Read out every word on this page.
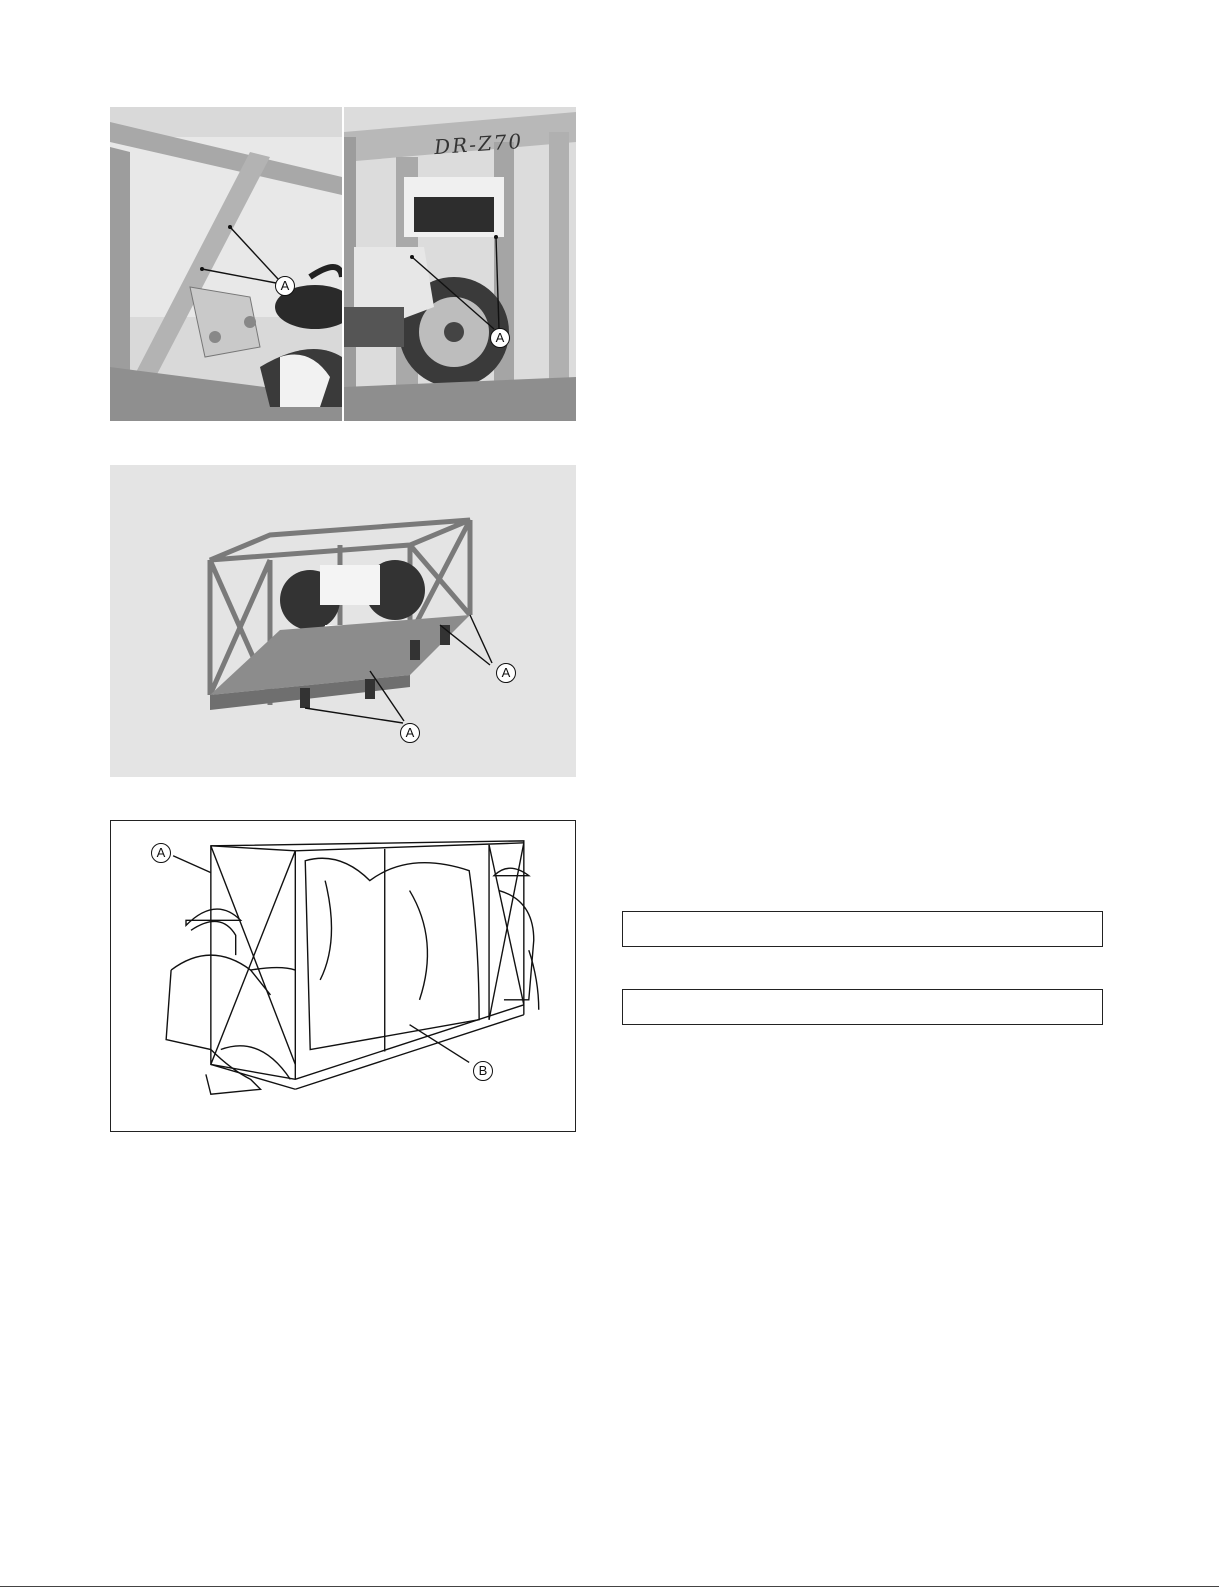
A
DR-Z70
A
A
A
A
B
